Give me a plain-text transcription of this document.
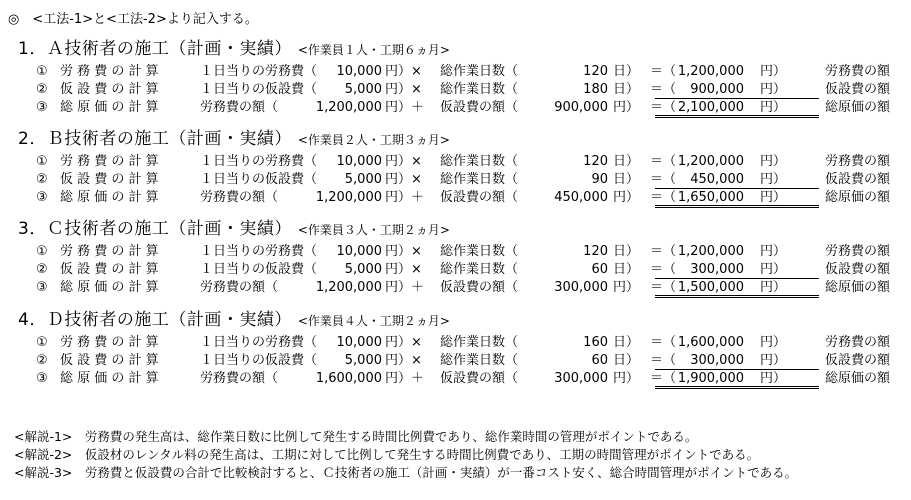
◎　<工法-1>と<工法-2>より記入する。
1．Ａ技術者の施工（計画・実績） <作業員１人・工期６ヵ月>
① 労 務 費 の 計 算	１日当りの労務費（	10,000 円）×	総作業日数（	120 日） ＝（ 1,200,000 円）	労務費の額
② 仮 設 費 の 計 算	１日当りの仮設費（	5,000 円）×	総作業日数（	180 日） ＝（	900,000 円）	仮設費の額
③ 総 原 価 の 計 算	労務費の額（	1,200,000 円）＋	仮設費の額（	900,000 円） ＝（ 2,100,000 円）	総原価の額
2．Ｂ技術者の施工（計画・実績） <作業員２人・工期３ヵ月>
① 労 務 費 の 計 算	１日当りの労務費（	10,000 円）×	総作業日数（	120 日） ＝（ 1,200,000 円）	労務費の額
② 仮 設 費 の 計 算	１日当りの仮設費（	5,000 円）×	総作業日数（	90 日） ＝（	450,000 円）	仮設費の額
③ 総 原 価 の 計 算	労務費の額（	1,200,000 円）＋	仮設費の額（	450,000 円） ＝（ 1,650,000 円）	総原価の額
3．Ｃ技術者の施工（計画・実績） <作業員３人・工期２ヵ月>
① 労 務 費 の 計 算	１日当りの労務費（	10,000 円）×	総作業日数（	120 日） ＝（ 1,200,000 円）	労務費の額
② 仮 設 費 の 計 算	１日当りの仮設費（	5,000 円）×	総作業日数（	60 日） ＝（	300,000 円）	仮設費の額
③ 総 原 価 の 計 算	労務費の額（	1,200,000 円）＋	仮設費の額（	300,000 円） ＝（ 1,500,000 円）	総原価の額
4．Ｄ技術者の施工（計画・実績） <作業員４人・工期２ヵ月>
① 労 務 費 の 計 算	１日当りの労務費（	10,000 円）×	総作業日数（	160 日） ＝（ 1,600,000 円）	労務費の額
② 仮 設 費 の 計 算	１日当りの仮設費（	5,000 円）×	総作業日数（	60 日） ＝（	300,000 円）	仮設費の額
③ 総 原 価 の 計 算	労務費の額（	1,600,000 円）＋	仮設費の額（	300,000 円） ＝（ 1,900,000 円）	総原価の額
<解説-1>　労務費の発生高は、総作業日数に比例して発生する時間比例費であり、総作業時間の管理がポイントである。
<解説-2>　仮設材のレンタル料の発生高は、工期に対して比例して発生する時間比例費であり、工期の時間管理がポイントである。
<解説-3>　労務費と仮設費の合計で比較検討すると、Ｃ技術者の施工（計画・実績）が一番コスト安く、総合時間管理がポイントである。
